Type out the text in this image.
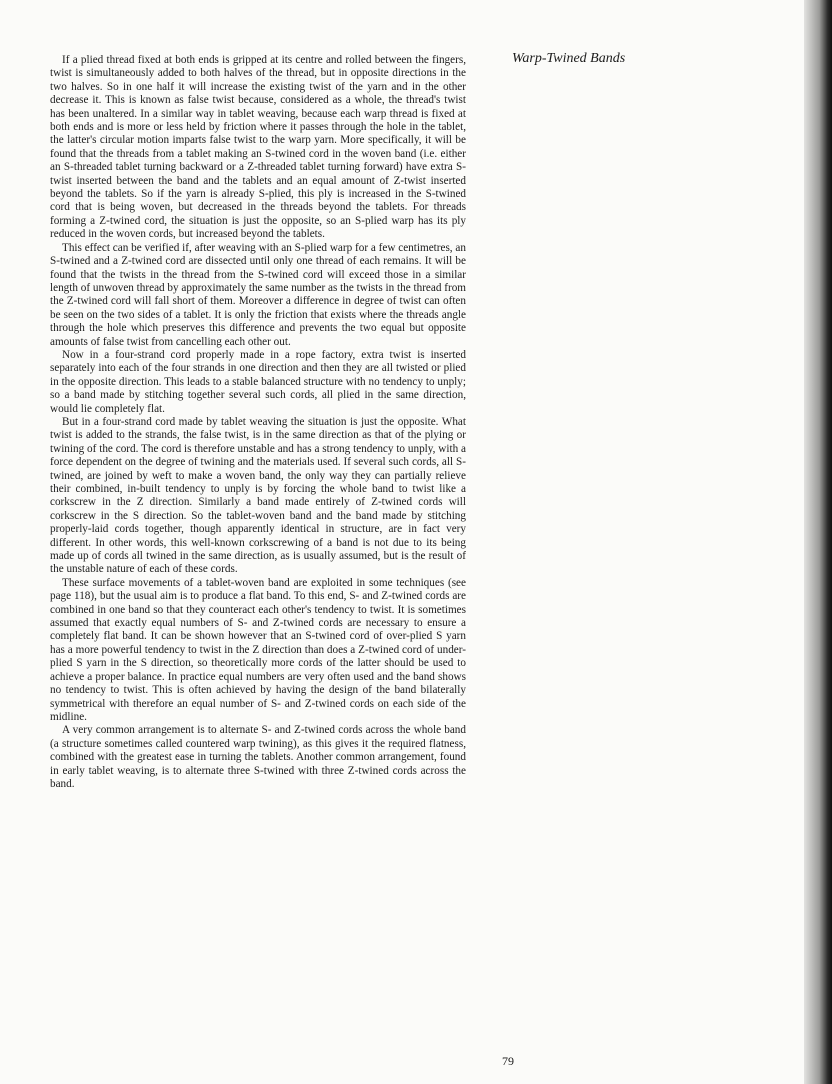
Warp-Twined Bands

If a plied thread fixed at both ends is gripped at its centre and rolled between the fingers, twist is simultaneously added to both halves of the thread, but in opposite directions in the two halves. So in one half it will increase the existing twist of the yarn and in the other decrease it. This is known as false twist because, considered as a whole, the thread's twist has been unaltered. In a similar way in tablet weaving, because each warp thread is fixed at both ends and is more or less held by friction where it passes through the hole in the tablet, the latter's circular motion imparts false twist to the warp yarn. More specifically, it will be found that the threads from a tablet making an S-twined cord in the woven band (i.e. either an S-threaded tablet turning backward or a Z-threaded tablet turning forward) have extra S-twist inserted between the band and the tablets and an equal amount of Z-twist inserted beyond the tablets. So if the yarn is already S-plied, this ply is increased in the S-twined cord that is being woven, but decreased in the threads beyond the tablets. For threads forming a Z-twined cord, the situation is just the opposite, so an S-plied warp has its ply reduced in the woven cords, but increased beyond the tablets.

This effect can be verified if, after weaving with an S-plied warp for a few centimetres, an S-twined and a Z-twined cord are dissected until only one thread of each remains. It will be found that the twists in the thread from the S-twined cord will exceed those in a similar length of unwoven thread by approximately the same number as the twists in the thread from the Z-twined cord will fall short of them. Moreover a difference in degree of twist can often be seen on the two sides of a tablet. It is only the friction that exists where the threads angle through the hole which preserves this difference and prevents the two equal but opposite amounts of false twist from cancelling each other out.

Now in a four-strand cord properly made in a rope factory, extra twist is inserted separately into each of the four strands in one direction and then they are all twisted or plied in the opposite direction. This leads to a stable balanced structure with no tendency to unply; so a band made by stitching together several such cords, all plied in the same direction, would lie completely flat.

But in a four-strand cord made by tablet weaving the situation is just the opposite. What twist is added to the strands, the false twist, is in the same direction as that of the plying or twining of the cord. The cord is therefore unstable and has a strong tendency to unply, with a force dependent on the degree of twining and the materials used. If several such cords, all S-twined, are joined by weft to make a woven band, the only way they can partially relieve their combined, in-built tendency to unply is by forcing the whole band to twist like a corkscrew in the Z direction. Similarly a band made entirely of Z-twined cords will corkscrew in the S direction. So the tablet-woven band and the band made by stitching properly-laid cords together, though apparently identical in structure, are in fact very different. In other words, this well-known corkscrewing of a band is not due to its being made up of cords all twined in the same direction, as is usually assumed, but is the result of the unstable nature of each of these cords.

These surface movements of a tablet-woven band are exploited in some techniques (see page 118), but the usual aim is to produce a flat band. To this end, S- and Z-twined cords are combined in one band so that they counteract each other's tendency to twist. It is sometimes assumed that exactly equal numbers of S- and Z-twined cords are necessary to ensure a completely flat band. It can be shown however that an S-twined cord of over-plied S yarn has a more powerful tendency to twist in the Z direction than does a Z-twined cord of under-plied S yarn in the S direction, so theoretically more cords of the latter should be used to achieve a proper balance. In practice equal numbers are very often used and the band shows no tendency to twist. This is often achieved by having the design of the band bilaterally symmetrical with therefore an equal number of S- and Z-twined cords on each side of the midline.

A very common arrangement is to alternate S- and Z-twined cords across the whole band (a structure sometimes called countered warp twining), as this gives it the required flatness, combined with the greatest ease in turning the tablets. Another common arrangement, found in early tablet weaving, is to alternate three S-twined with three Z-twined cords across the band.

79
